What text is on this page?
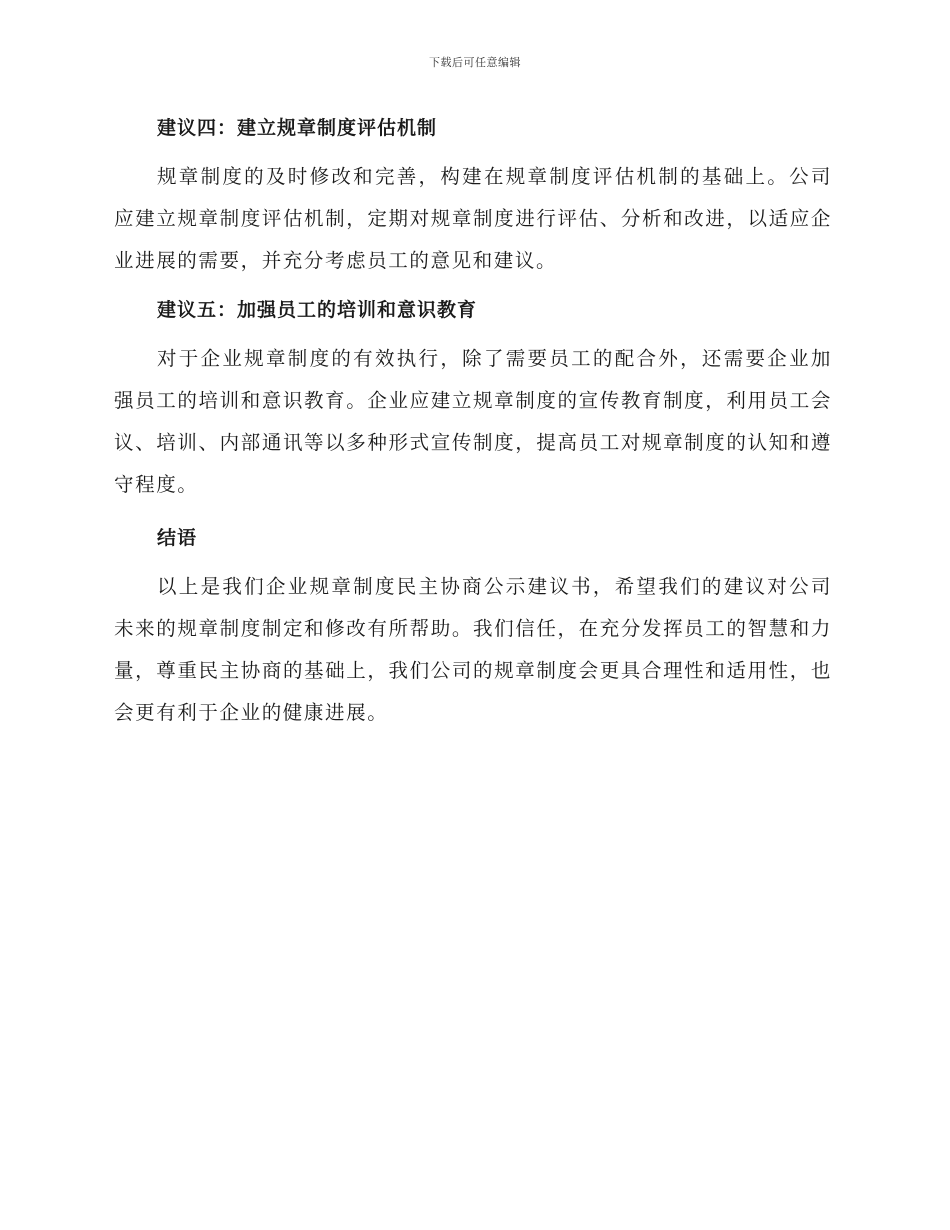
下载后可任意编辑
建议四：建立规章制度评估机制

规章制度的及时修改和完善，构建在规章制度评估机制的基础上。公司应建立规章制度评估机制，定期对规章制度进行评估、分析和改进，以适应企业进展的需要，并充分考虑员工的意见和建议。

建议五：加强员工的培训和意识教育

对于企业规章制度的有效执行，除了需要员工的配合外，还需要企业加强员工的培训和意识教育。企业应建立规章制度的宣传教育制度，利用员工会议、培训、内部通讯等以多种形式宣传制度，提高员工对规章制度的认知和遵守程度。

结语

以上是我们企业规章制度民主协商公示建议书，希望我们的建议对公司未来的规章制度制定和修改有所帮助。我们信任，在充分发挥员工的智慧和力量，尊重民主协商的基础上，我们公司的规章制度会更具合理性和适用性，也会更有利于企业的健康进展。
